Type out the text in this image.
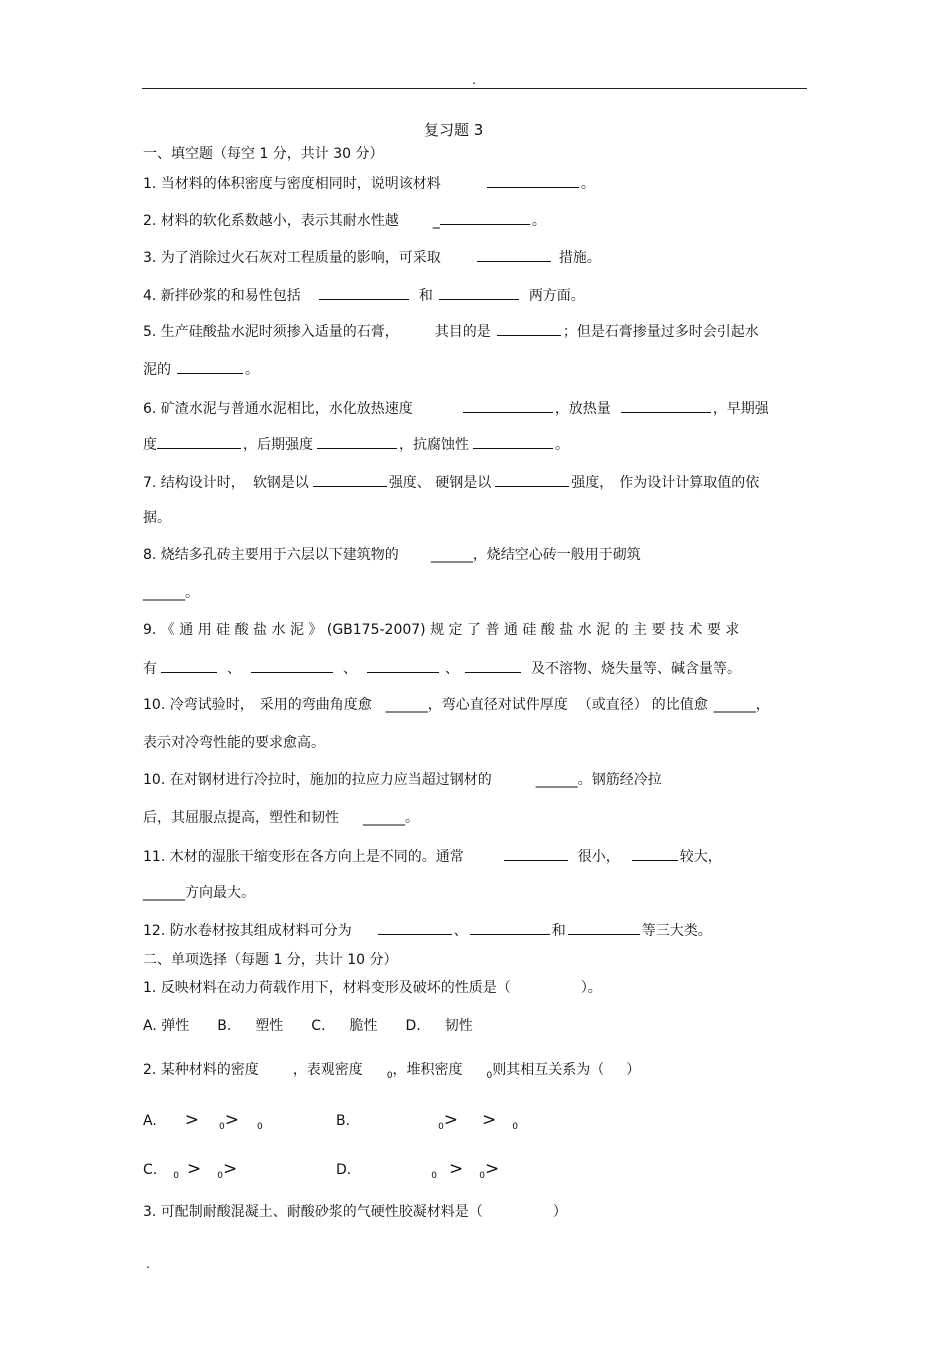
.
复习题 3
一、填空题（每空 1 分，共计 30 分）
1. 当材料的体积密度与密度相同时，说明该材料	。
2. 材料的软化系数越小，表示其耐水性越 _	。
3. 为了消除过火石灰对工程质量的影响，可采取	措施。
4. 新拌砂浆的和易性包括	和	两方面。
5. 生产硅酸盐水泥时须掺入适量的石膏，	其目的是	；但是石膏掺量过多时会引起水
泥的	。
6. 矿渣水泥与普通水泥相比，水化放热速度	，放热量	，早期强
度	，后期强度	，抗腐蚀性	。
7. 结构设计时， 软钢是以	强度、 硬钢是以	强度， 作为设计计算取值的依
据。
8. 烧结多孔砖主要用于六层以下建筑物的 ______，烧结空心砖一般用于砌筑
______。
9. 《 通 用 硅 酸 盐 水 泥 》 (GB175-2007) 规 定 了 普 通 硅 酸 盐 水 泥 的 主 要 技 术 要 求
有	、	、	、	及不溶物、烧失量等、碱含量等。
10. 冷弯试验时， 采用的弯曲角度愈 ______，弯心直径对试件厚度 （或直径） 的比值愈 ______，
表示对冷弯性能的要求愈高。
10. 在对钢材进行冷拉时，施加的拉应力应当超过钢材的	______。钢筋经冷拉
后，其屈服点提高，塑性和韧性 ______。
11. 木材的湿胀干缩变形在各方向上是不同的。通常	很小，	较大，
______方向最大。
12. 防水卷材按其组成材料可分为	、	和	等三大类。
二、单项选择（每题 1 分，共计 10 分）
1. 反映材料在动力荷载作用下，材料变形及破坏的性质是（	）。
A. 弹性 B. 塑性 C. 脆性 D. 韧性
2. 某种材料的密度 ，表观密度	$_0$，堆积密度	$_0$则其相互关系为（ ）
A. > $_0$> $_0$	B.	$_0$> > $_0$
C. $_0$ > $_0$>	D.	$_0$ > $_0$>
3. 可配制耐酸混凝土、耐酸砂浆的气硬性胶凝材料是（	）
.
